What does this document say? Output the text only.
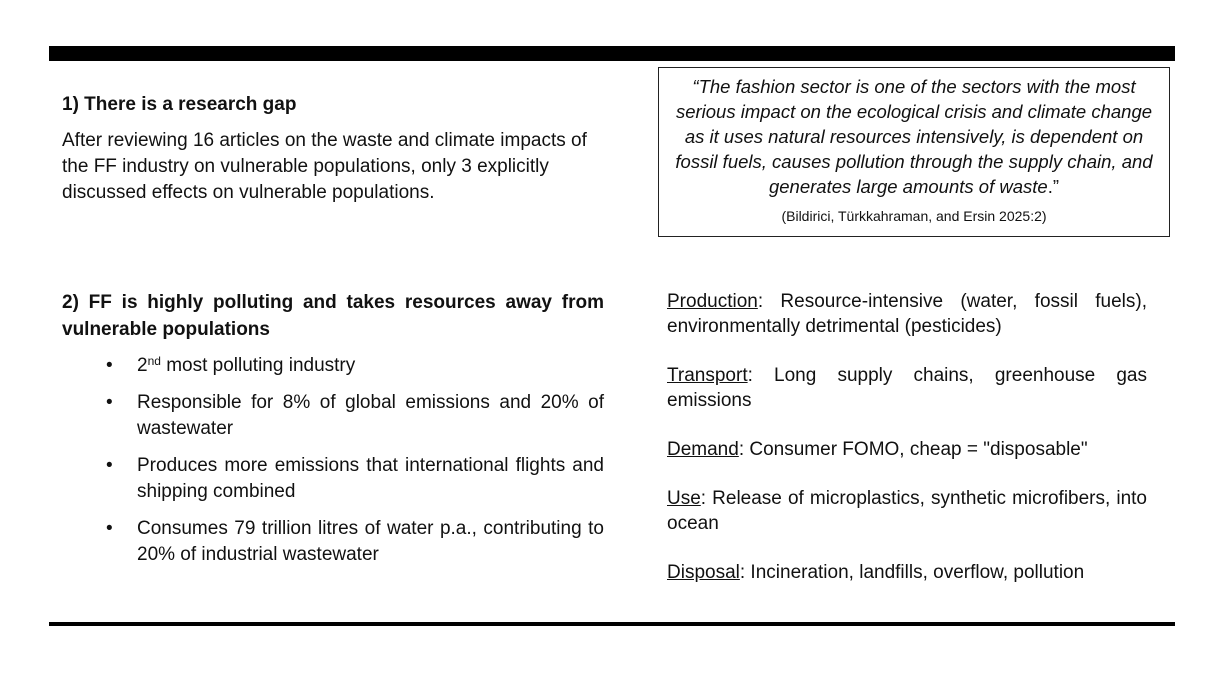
1) There is a research gap

After reviewing 16 articles on the waste and climate impacts of the FF industry on vulnerable populations, only 3 explicitly discussed effects on vulnerable populations.

“The fashion sector is one of the sectors with the most serious impact on the ecological crisis and climate change as it uses natural resources intensively, is dependent on fossil fuels, causes pollution through the supply chain, and generates large amounts of waste.”

(Bildirici, Türkkahraman, and Ersin 2025:2)

2) FF is highly polluting and takes resources away from vulnerable populations

• 2nd most polluting industry
• Responsible for 8% of global emissions and 20% of wastewater
• Produces more emissions that international flights and shipping combined
• Consumes 79 trillion litres of water p.a., contributing to 20% of industrial wastewater

Production: Resource-intensive (water, fossil fuels), environmentally detrimental (pesticides)

Transport: Long supply chains, greenhouse gas emissions

Demand: Consumer FOMO, cheap = "disposable"

Use: Release of microplastics, synthetic microfibers, into ocean

Disposal: Incineration, landfills, overflow, pollution
